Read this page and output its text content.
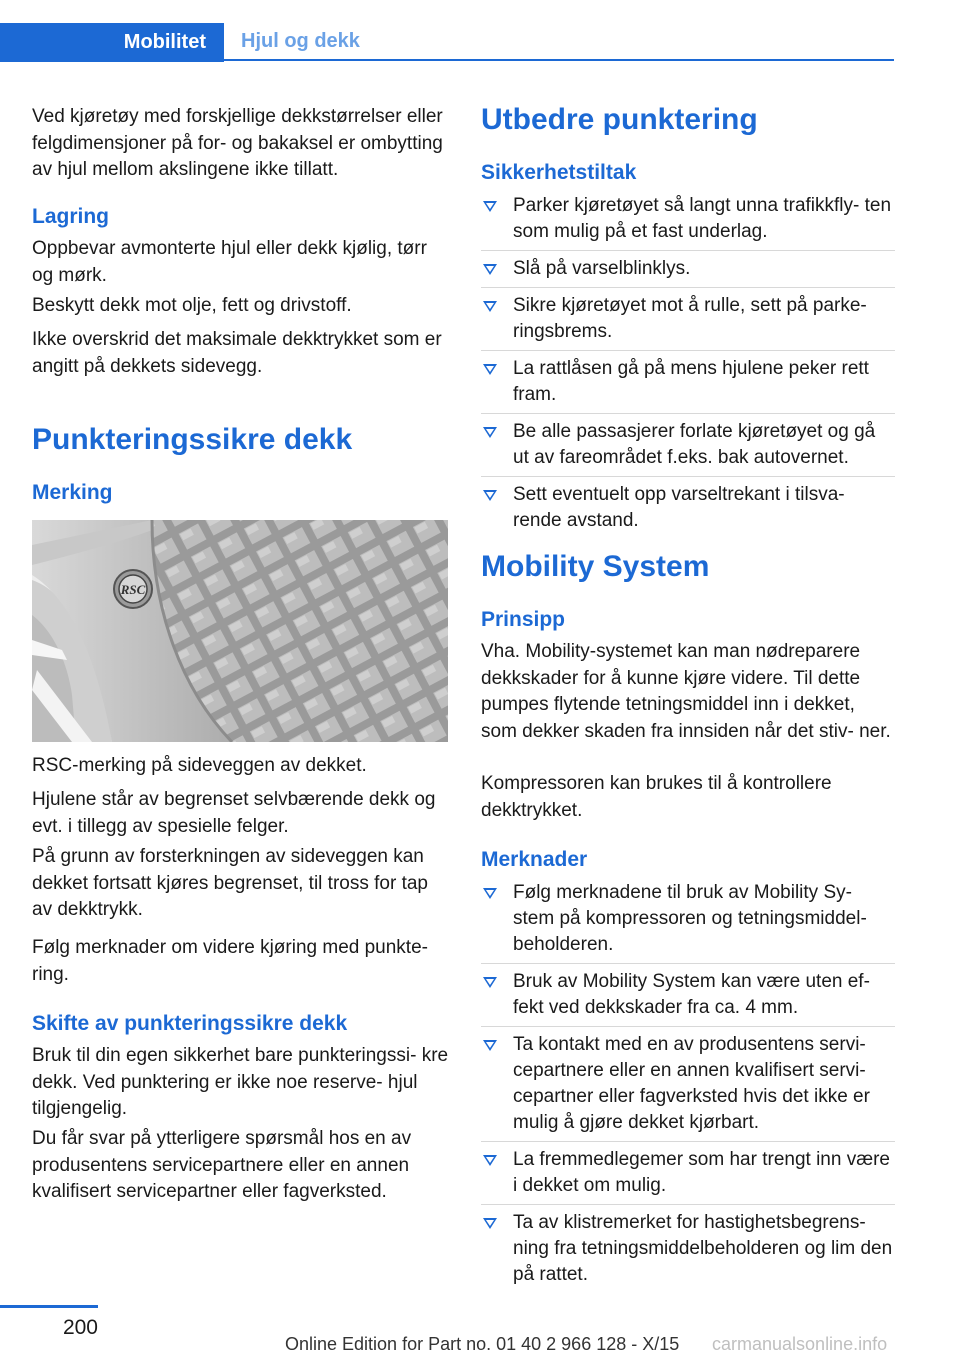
Mobilitet Hjul og dekk

Ved kjøretøy med forskjellige dekkstørrelser eller felgdimensjoner på for- og bakaksel er ombytting av hjul mellom akslingene ikke tillatt.

Lagring

Oppbevar avmonterte hjul eller dekk kjølig, tørr og mørk.

Beskytt dekk mot olje, fett og drivstoff.

Ikke overskrid det maksimale dekktrykket som er angitt på dekkets sidevegg.

Punkteringssikre dekk
Merking
RSC

RSC-merking på sideveggen av dekket.

Hjulene står av begrenset selvbærende dekk og evt. i tillegg av spesielle felger.

På grunn av forsterkningen av sideveggen kan dekket fortsatt kjøres begrenset, til tross for tap av dekktrykk.

Følg merknader om videre kjøring med punkte‐ ring.

Skifte av punkteringssikre dekk

Bruk til din egen sikkerhet bare punkteringssi‐ kre dekk. Ved punktering er ikke noe reserve‐ hjul tilgjengelig.

Du får svar på ytterligere spørsmål hos en av produsentens servicepartnere eller en annen kvalifisert servicepartner eller fagverksted.

Utbedre punktering
Sikkerhetstiltak
Parker kjøretøyet så langt unna trafikkfly‐ ten som mulig på et fast underlag.
Slå på varselblinklys.
Sikre kjøretøyet mot å rulle, sett på parke‐ ringsbrems.
La rattlåsen gå på mens hjulene peker rett fram.
Be alle passasjerer forlate kjøretøyet og gå ut av fareområdet f.eks. bak autovernet.
Sett eventuelt opp varseltrekant i tilsva‐ rende avstand.
Mobility System
Prinsipp

Vha. Mobility-systemet kan man nødreparere dekkskader for å kunne kjøre videre. Til dette pumpes flytende tetningsmiddel inn i dekket, som dekker skaden fra innsiden når det stiv‐ ner.

Kompressoren kan brukes til å kontrollere dekktrykket.

Merknader
Følg merknadene til bruk av Mobility Sy‐ stem på kompressoren og tetningsmiddel‐ beholderen.
Bruk av Mobility System kan være uten ef‐ fekt ved dekkskader fra ca. 4 mm.
Ta kontakt med en av produsentens servi‐ cepartnere eller en annen kvalifisert servi‐ cepartner eller fagverksted hvis det ikke er mulig å gjøre dekket kjørbart.
La fremmedlegemer som har trengt inn være i dekket om mulig.
Ta av klistremerket for hastighetsbegrens‐ ning fra tetningsmiddelbeholderen og lim den på rattet.
200
Online Edition for Part no. 01 40 2 966 128 - X/15 carmanualsonline.info
